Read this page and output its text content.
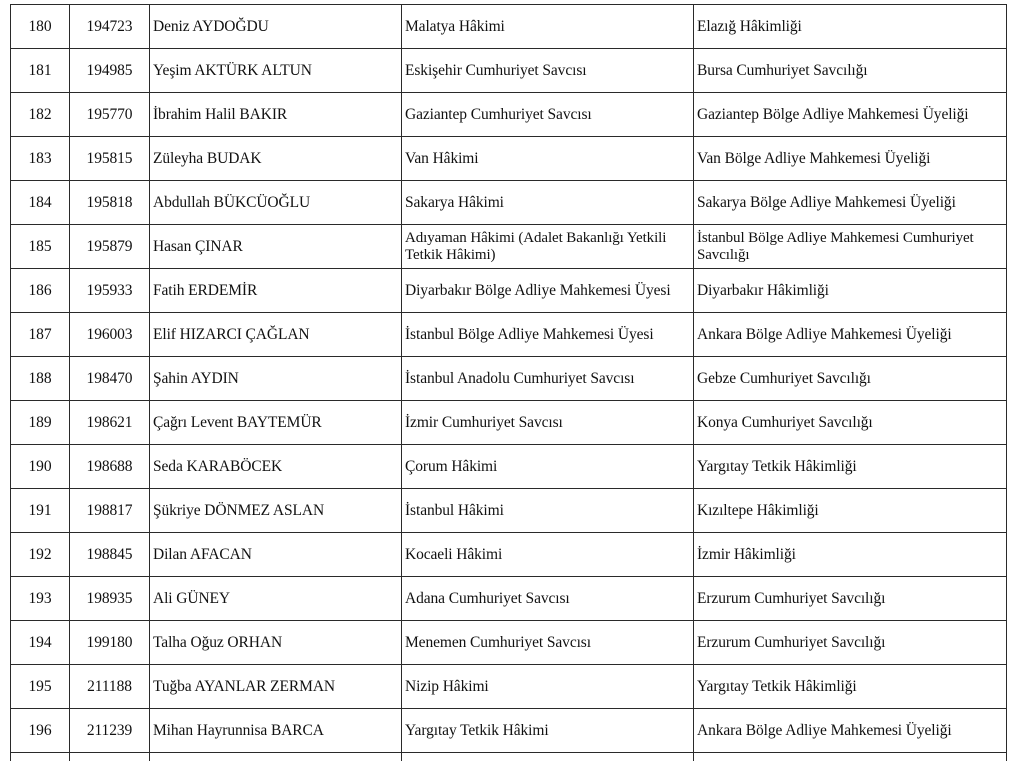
180	194723	Deniz AYDOĞDU	Malatya Hâkimi	Elazığ Hâkimliği
181	194985	Yeşim AKTÜRK ALTUN	Eskişehir Cumhuriyet Savcısı	Bursa Cumhuriyet Savcılığı
182	195770	İbrahim Halil BAKIR	Gaziantep Cumhuriyet Savcısı	Gaziantep Bölge Adliye Mahkemesi Üyeliği
183	195815	Züleyha BUDAK	Van Hâkimi	Van Bölge Adliye Mahkemesi Üyeliği
184	195818	Abdullah BÜKCÜOĞLU	Sakarya Hâkimi	Sakarya Bölge Adliye Mahkemesi Üyeliği
185	195879	Hasan ÇINAR	Adıyaman Hâkimi (Adalet Bakanlığı Yetkili Tetkik Hâkimi)	İstanbul Bölge Adliye Mahkemesi Cumhuriyet Savcılığı
186	195933	Fatih ERDEMİR	Diyarbakır Bölge Adliye Mahkemesi Üyesi	Diyarbakır Hâkimliği
187	196003	Elif HIZARCI ÇAĞLAN	İstanbul Bölge Adliye Mahkemesi Üyesi	Ankara Bölge Adliye Mahkemesi Üyeliği
188	198470	Şahin AYDIN	İstanbul Anadolu Cumhuriyet Savcısı	Gebze Cumhuriyet Savcılığı
189	198621	Çağrı Levent BAYTEMÜR	İzmir Cumhuriyet Savcısı	Konya Cumhuriyet Savcılığı
190	198688	Seda KARABÖCEK	Çorum Hâkimi	Yargıtay Tetkik Hâkimliği
191	198817	Şükriye DÖNMEZ ASLAN	İstanbul Hâkimi	Kızıltepe Hâkimliği
192	198845	Dilan AFACAN	Kocaeli Hâkimi	İzmir Hâkimliği
193	198935	Ali GÜNEY	Adana Cumhuriyet Savcısı	Erzurum Cumhuriyet Savcılığı
194	199180	Talha Oğuz ORHAN	Menemen Cumhuriyet Savcısı	Erzurum Cumhuriyet Savcılığı
195	211188	Tuğba AYANLAR ZERMAN	Nizip Hâkimi	Yargıtay Tetkik Hâkimliği
196	211239	Mihan Hayrunnisa BARCA	Yargıtay Tetkik Hâkimi	Ankara Bölge Adliye Mahkemesi Üyeliği
